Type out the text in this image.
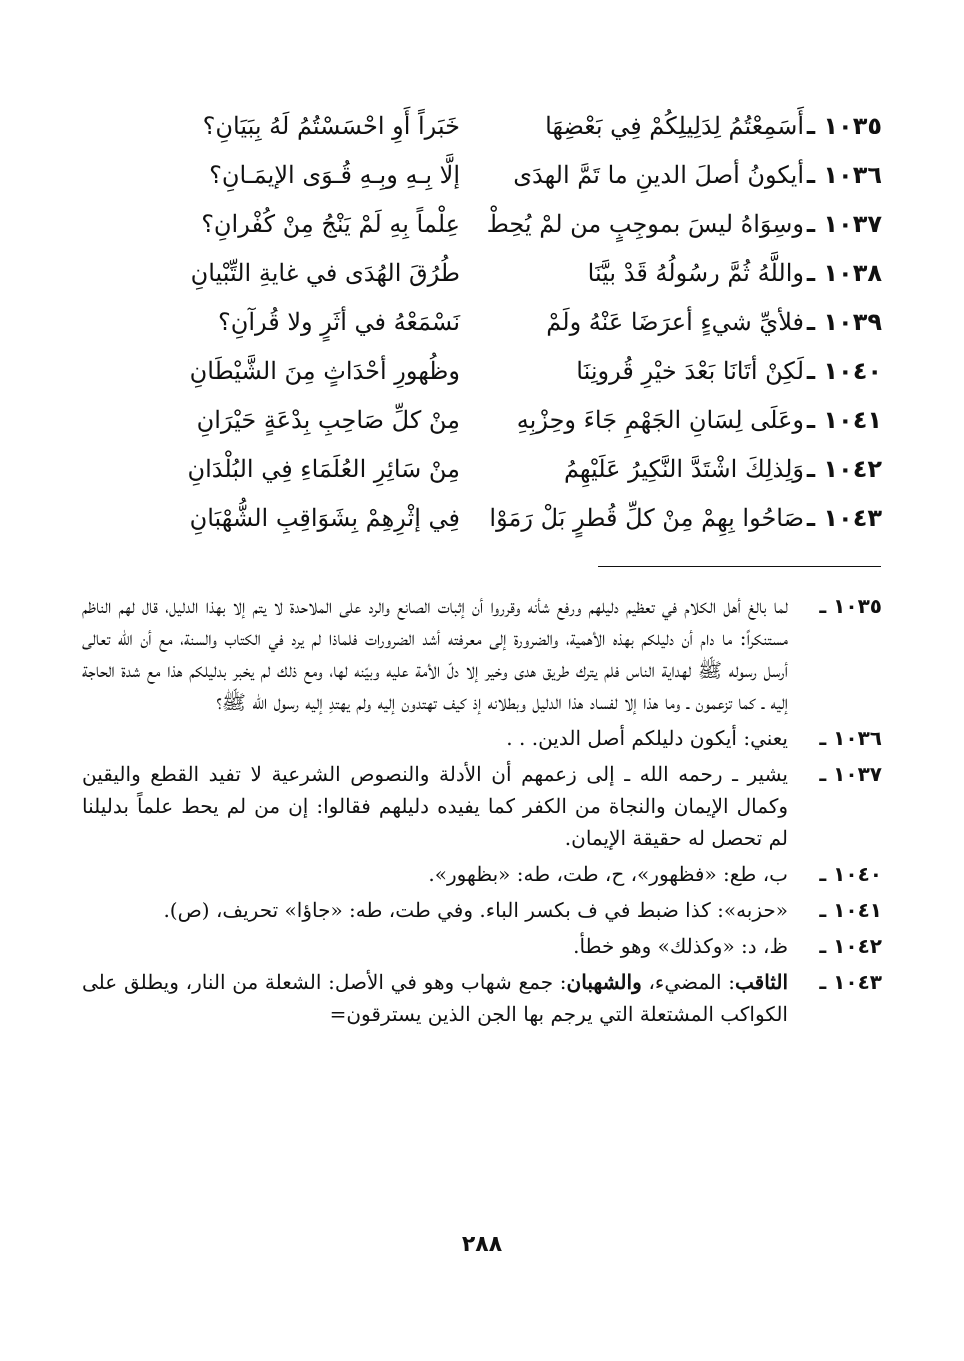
١٠٣٥ ـ
أَسَمِعْتُمُ لِدَلِيلِكُمْ فِي بَعْضِهَا
خَبَراً أَوِ احْسَسْتُمُ لَهُ بِبَيَانِ؟
١٠٣٦ ـ
أيكونُ أصلَ الدينِ ما تَمَّ الهدَى
إلَّا بِـهِ وبِـهِ قُـوَى الإيمَـانِ؟
١٠٣٧ ـ
وسِوَاهُ ليسَ بموجِبٍ من لمْ يُحِطْ
عِلْماً بِهِ لَمْ يَنْجُ مِنْ كُفْرانِ؟
١٠٣٨ ـ
واللَّهُ ثُمَّ رسُولُهُ قَدْ بيَّنَا
طُرُقَ الهُدَى في غايةِ التِّبْيانِ
١٠٣٩ ـ
فلأيِّ شيءٍ أعرَضَا عَنْهُ ولَمْ
نَسْمَعْهُ في أثَرٍ ولا قُرآنِ؟
١٠٤٠ ـ
لَكِنْ أتَانَا بَعْدَ خيْرِ قُرونِنَا
وظُهورِ أحْدَاثٍ مِنَ الشَّيْطَانِ
١٠٤١ ـ
وعَلَى لِسَانِ الجَهْمِ جَاءَ وحِزْبِهِ
مِنْ كلِّ صَاحِبِ بِدْعَةٍ حَيْرَانِ
١٠٤٢ ـ
وَلِذلِكَ اشْتَدَّ النَّكِيرُ عَلَيْهِمُ
مِنْ سَائِرِ العُلَمَاءِ فِي البُلْدَانِ
١٠٤٣ ـ
صَاحُوا بِهِمْ مِنْ كلِّ قُطرٍ بَلْ رَمَوْا
فِي إثْرِهِمْ بِشَوَاقِبِ الشُّهْبَانِ
١٠٣٥ ـ
لما بالغ أهل الكلام في تعظيم دليلهم ورفع شأنه وقرروا أن إثبات الصانع والرد على الملاحدة لا يتم إلا بهذا الدليل، قال لهم الناظم مستنكراً: ما دام أن دليلكم بهذه الأهمية، والضرورة إلى معرفته أشد الضرورات فلماذا لم يرد في الكتاب والسنة، مع أن الله تعالى أرسل رسوله ﷺ لهداية الناس فلم يترك طريق هدى وخير إلا دلّ الأمة عليه وبيّنه لها، ومع ذلك لم يخبر بدليلكم هذا مع شدة الحاجة إليه ـ كما تزعمون ـ وما هذا إلا لفساد هذا الدليل وبطلانه إذ كيف تهتدون إليه ولم يهتدِ إليه رسول الله ﷺ؟
١٠٣٦ ـ
يعني: أيكون دليلكم أصل الدين. . .
١٠٣٧ ـ
يشير ـ رحمه الله ـ إلى زعمهم أن الأدلة والنصوص الشرعية لا تفيد القطع واليقين وكمال الإيمان والنجاة من الكفر كما يفيده دليلهم فقالوا: إن من لم يحط علماً بدليلنا لم تحصل له حقيقة الإيمان.
١٠٤٠ ـ
ب، طع: «فظهور»، ح، طت، طه: «بظهور».
١٠٤١ ـ
«حزبه»: كذا ضبط في ف بكسر الباء. وفي طت، طه: «جاؤا» تحريف، (ص).
١٠٤٢ ـ
ظ، د: «وكذلك» وهو خطأ.
١٠٤٣ ـ
الثاقب: المضيء، والشهبان: جمع شهاب وهو في الأصل: الشعلة من النار، ويطلق على الكواكب المشتعلة التي يرجم بها الجن الذين يسترقون=
٢٨٨
